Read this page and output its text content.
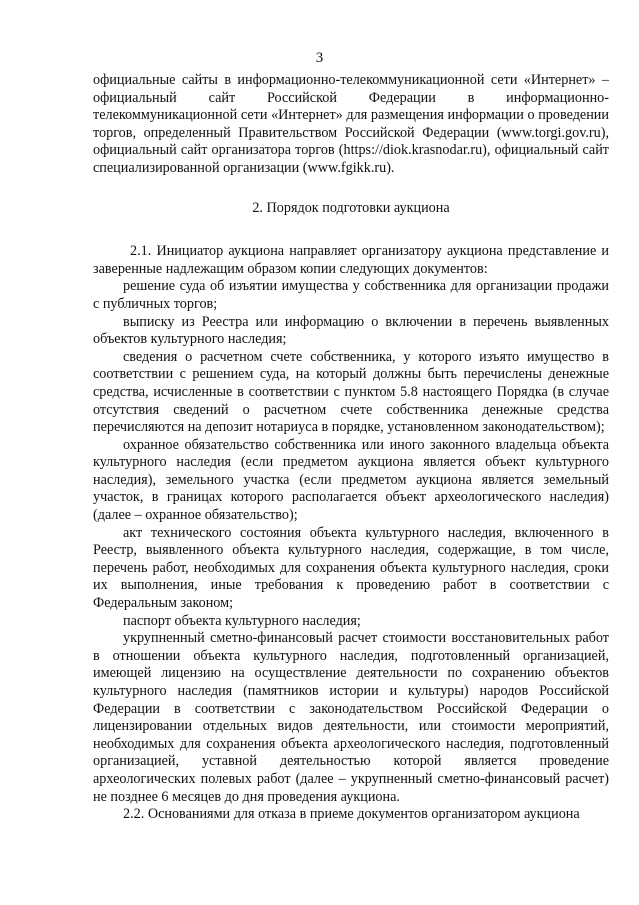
3

официальные сайты в информационно-телекоммуникационной сети «Интернет» – официальный сайт Российской Федерации в информационно-телекоммуникационной сети «Интернет» для размещения информации о проведении торгов, определенный Правительством Российской Федерации (www.torgi.gov.ru), официальный сайт организатора торгов (https://diok.krasnodar.ru), официальный сайт специализированной организации (www.fgikk.ru).

2. Порядок подготовки аукциона

2.1. Инициатор аукциона направляет организатору аукциона представление и заверенные надлежащим образом копии следующих документов:

решение суда об изъятии имущества у собственника для организации продажи с публичных торгов;

выписку из Реестра или информацию о включении в перечень выявленных объектов культурного наследия;

сведения о расчетном счете собственника, у которого изъято имущество в соответствии с решением суда, на который должны быть перечислены денежные средства, исчисленные в соответствии с пунктом 5.8 настоящего Порядка (в случае отсутствия сведений о расчетном счете собственника денежные средства перечисляются на депозит нотариуса в порядке, установленном законодательством);

охранное обязательство собственника или иного законного владельца объекта культурного наследия (если предметом аукциона является объект культурного наследия), земельного участка (если предметом аукциона является земельный участок, в границах которого располагается объект археологического наследия) (далее – охранное обязательство);

акт технического состояния объекта культурного наследия, включенного в Реестр, выявленного объекта культурного наследия, содержащие, в том числе, перечень работ, необходимых для сохранения объекта культурного наследия, сроки их выполнения, иные требования к проведению работ в соответствии с Федеральным законом;

паспорт объекта культурного наследия;

укрупненный сметно-финансовый расчет стоимости восстановительных работ в отношении объекта культурного наследия, подготовленный организацией, имеющей лицензию на осуществление деятельности по сохранению объектов культурного наследия (памятников истории и культуры) народов Российской Федерации в соответствии с законодательством Российской Федерации о лицензировании отдельных видов деятельности, или стоимости мероприятий, необходимых для сохранения объекта археологического наследия, подготовленный организацией, уставной деятельностью которой является проведение археологических полевых работ (далее – укрупненный сметно-финансовый расчет) не позднее 6 месяцев до дня проведения аукциона.

2.2. Основаниями для отказа в приеме документов организатором аукциона
